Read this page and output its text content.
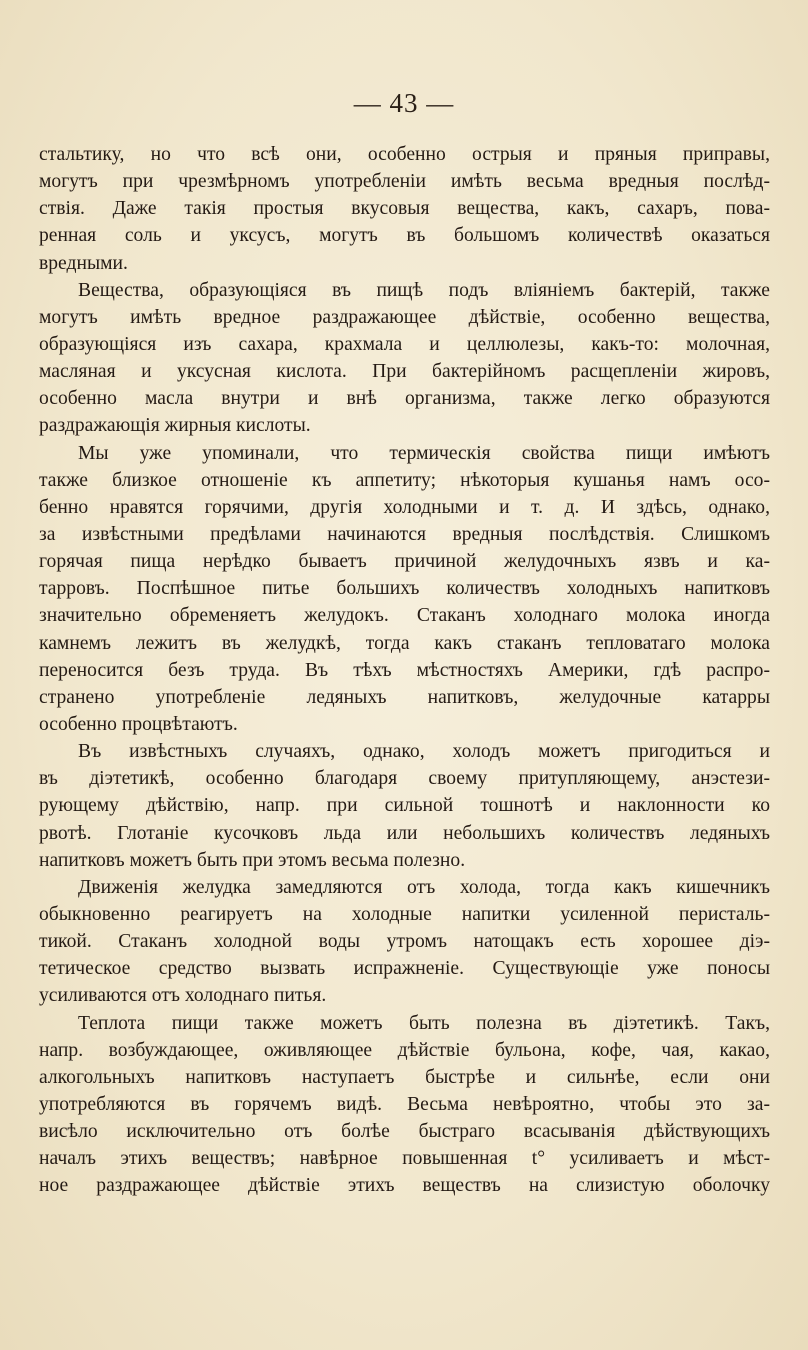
— 43 —
стальтику, но что всѣ они, особенно острыя и пряныя приправы,
могутъ при чрезмѣрномъ употребленiи имѣть весьма вредныя послѣд-
ствiя. Даже такiя простыя вкусовыя вещества, какъ, сахаръ, пова-
ренная соль и уксусъ, могутъ въ большомъ количествѣ оказаться
вредными.
Вещества, образующiяся въ пищѣ подъ влiянiемъ бактерiй, также
могутъ имѣть вредное раздражающее дѣйствiе, особенно вещества,
образующiяся изъ сахара, крахмала и целлюлезы, какъ-то: молочная,
масляная и уксусная кислота. При бактерiйномъ расщепленiи жировъ,
особенно масла внутри и внѣ организма, также легко образуются
раздражающiя жирныя кислоты.
Мы уже упоминали, что термическiя свойства пищи имѣютъ
также близкое отношенiе къ аппетиту; нѣкоторыя кушанья намъ осо-
бенно нравятся горячими, другiя холодными и т. д. И здѣсь, однако,
за извѣстными предѣлами начинаются вредныя послѣдствiя. Слишкомъ
горячая пища нерѣдко бываетъ причиной желудочныхъ язвъ и ка-
тарровъ. Поспѣшное питье большихъ количествъ холодныхъ напитковъ
значительно обременяетъ желудокъ. Стаканъ холоднаго молока иногда
камнемъ лежитъ въ желудкѣ, тогда какъ стаканъ тепловатаго молока
переносится безъ труда. Въ тѣхъ мѣстностяхъ Америки, гдѣ распро-
странено употребленiе ледяныхъ напитковъ, желудочные катарры
особенно процвѣтаютъ.
Въ извѣстныхъ случаяхъ, однако, холодъ можетъ пригодиться и
въ дiэтетикѣ, особенно благодаря своему притупляющему, анэстези-
рующему дѣйствiю, напр. при сильной тошнотѣ и наклонности ко
рвотѣ. Глотанiе кусочковъ льда или небольшихъ количествъ ледяныхъ
напитковъ можетъ быть при этомъ весьма полезно.
Движенiя желудка замедляются отъ холода, тогда какъ кишечникъ
обыкновенно реагируетъ на холодные напитки усиленной перисталь-
тикой. Стаканъ холодной воды утромъ натощакъ есть хорошее дiэ-
тетическое средство вызвать испражненiе. Существующiе уже поносы
усиливаются отъ холоднаго питья.
Теплота пищи также можетъ быть полезна въ дiэтетикѣ. Такъ,
напр. возбуждающее, оживляющее дѣйствiе бульона, кофе, чая, какао,
алкогольныхъ напитковъ наступаетъ быстрѣе и сильнѣе, если они
употребляются въ горячемъ видѣ. Весьма невѣроятно, чтобы это за-
висѣло исключительно отъ болѣе быстраго всасыванiя дѣйствующихъ
началъ этихъ веществъ; навѣрное повышенная t° усиливаетъ и мѣст-
ное раздражающее дѣйствiе этихъ веществъ на слизистую оболочку
